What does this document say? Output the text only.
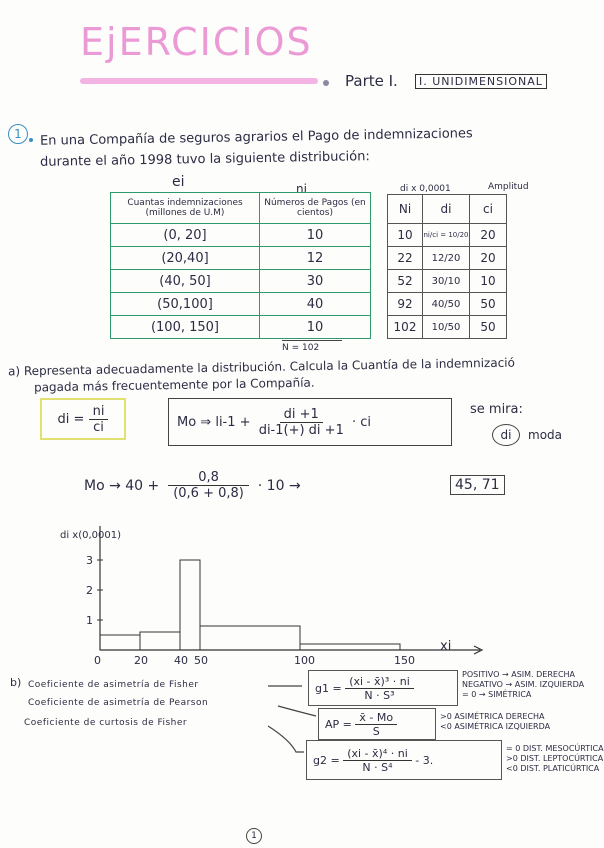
EjERCICIOS
Parte I.	I. UNIDIMENSIONAL
1	En una Compañía de seguros agrarios el Pago de indemnizaciones
durante el año 1998 tuvo la siguiente distribución:
ei	ni	di x 0,0001	Amplitud
Cuantas indemnizaciones (millones de U.M)	Números de Pagos (en cientos)
(0, 20]	10
(20,40]	12
(40, 50]	30
(50,100]	40
(100, 150]	10
N = 102
Ni	di	ci
10	ni/ci = 10/20	20
22	12/20	20
52	30/10	10
92	40/50	50
102	10/50	50
a) Representa adecuadamente la distribución. Calcula la Cuantía de la indemnizació
pagada más frecuentemente por la Compañía.
di =
$\frac{ni}{ci}$	Mo ⇒ li-1 +
$\frac{di +1}{di-1(+) di +1}$
· ci
se mira:
di	moda
Mo → 40 +
$\frac{0,8}{(0,6 + 0,8)}$
· 10 →	45, 71
di x(0,0001)
xi
0	20 40 50	100	150
1
2
3
b) Coeficiente de asimetría de Fisher
Coeficiente de asimetría de Pearson
Coeficiente de curtosis de Fisher
g1 =
$\frac{\text{(xi - x̄)³ · ni}}{\text{N · S³}}$	POSITIVO → ASIM. DERECHA
NEGATIVO → ASIM. IZQUIERDA
= 0 → SIMÉTRICA
AP =
$\frac{x̄ - Mo}{S}$	>0 ASIMÉTRICA DERECHA
<0 ASIMÉTRICA IZQUIERDA
g2 =
$\frac{\text{(xi - x̄)⁴ · ni}}{\text{N · S⁴}}$
- 3.
= 0 DIST. MESOCÚRTICA
>0 DIST. LEPTOCÚRTICA
<0 DIST. PLATICÚRTICA
1
